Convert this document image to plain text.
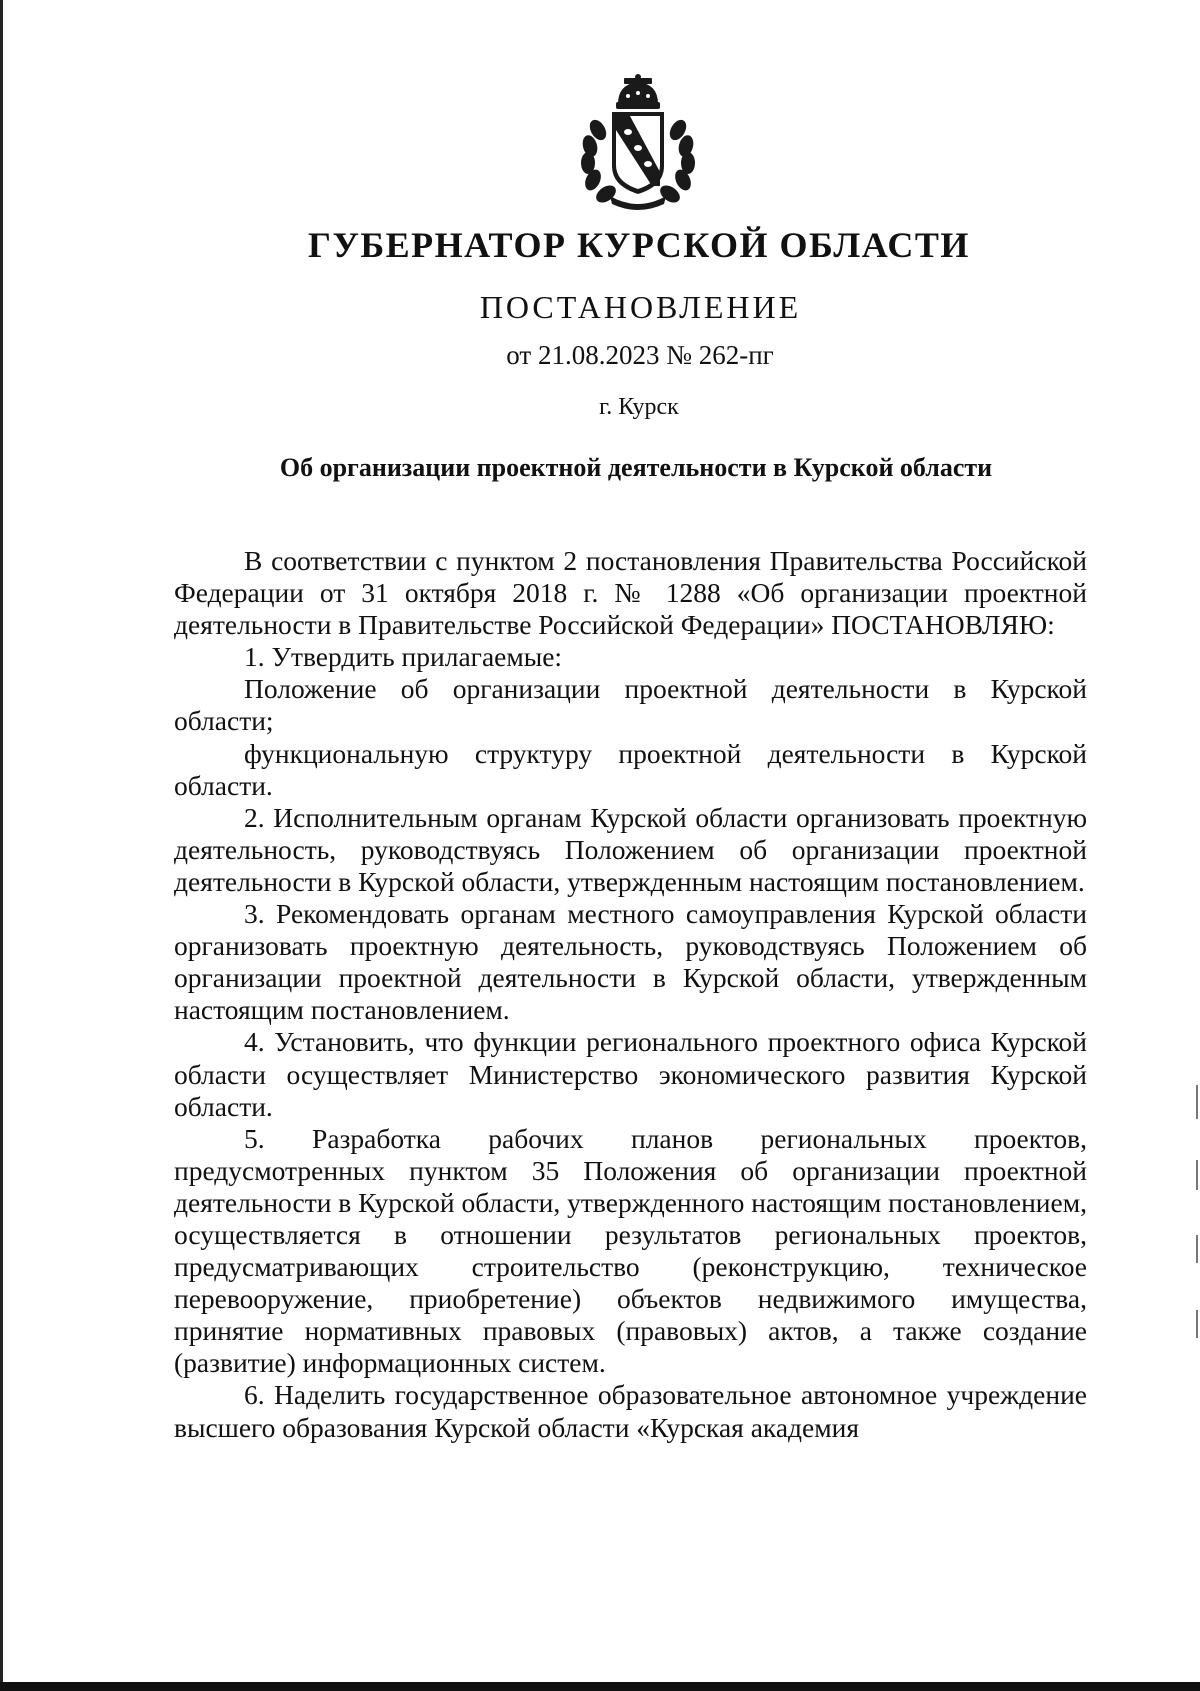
ГУБЕРНАТОР КУРСКОЙ ОБЛАСТИ
ПОСТАНОВЛЕНИЕ
от 21.08.2023 № 262-пг
г. Курск
Об организации проектной деятельности в Курской области

В соответствии с пунктом 2 постановления Правительства Российской Федерации от 31 октября 2018 г. № 1288 «Об организации проектной деятельности в Правительстве Российской Федерации» ПОСТАНОВЛЯЮ:

1. Утвердить прилагаемые:

Положение об организации проектной деятельности в Курской области;

функциональную структуру проектной деятельности в Курской области.

2. Исполнительным органам Курской области организовать проектную деятельность, руководствуясь Положением об организации проектной деятельности в Курской области, утвержденным настоящим постановлением.

3. Рекомендовать органам местного самоуправления Курской области организовать проектную деятельность, руководствуясь Положением об организации проектной деятельности в Курской области, утвержденным настоящим постановлением.

4. Установить, что функции регионального проектного офиса Курской области осуществляет Министерство экономического развития Курской области.

5. Разработка рабочих планов региональных проектов, предусмотренных пунктом 35 Положения об организации проектной деятельности в Курской области, утвержденного настоящим постановлением, осуществляется в отношении результатов региональных проектов, предусматривающих строительство (реконструкцию, техническое перевооружение, приобретение) объектов недвижимого имущества, принятие нормативных правовых (правовых) актов, а также создание (развитие) информационных систем.

6. Наделить государственное образовательное автономное учреждение высшего образования Курской области «Курская академия
